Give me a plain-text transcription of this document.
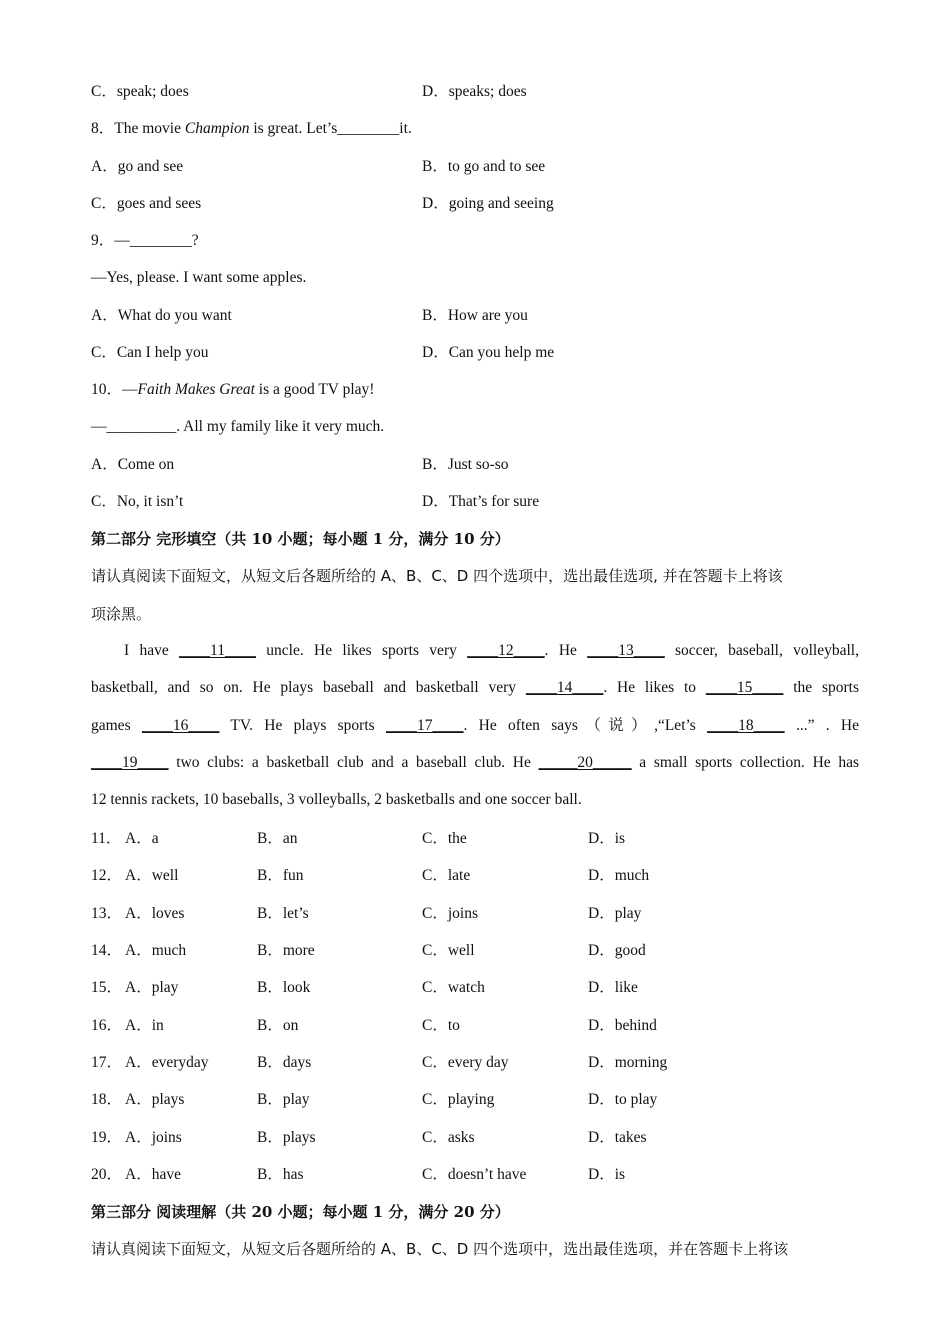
C．speak; does	D．speaks; does
8．The movie Champion is great. Let’s________it.
A．go and see	B．to go and to see
C．goes and sees	D．going and seeing
9．—________?
—Yes, please. I want some apples.
A．What do you want	B．How are you
C．Can I help you	D．Can you help me
10．—Faith Makes Great is a good TV play!
—_________. All my family like it very much.
A．Come on	B．Just so-so
C．No, it isn’t	D．That’s for sure
第二部分 完形填空（共 10 小题；每小题 1 分，满分 10 分）
请认真阅读下面短文，从短文后各题所给的 A、B、C、D 四个选项中，选出最佳选项, 并在答题卡上将该
项涂黑。
I have ____11____ uncle. He likes sports very ____12____. He ____13____ soccer, baseball, volleyball,
basketball, and so on. He plays baseball and basketball very ____14____. He likes to ____15____ the sports
games ____16____ TV. He plays sports ____17____. He often says（说）,“Let’s ____18____ ...” . He
____19____ two clubs: a basketball club and a baseball club. He _____20_____ a small sports collection. He has
12 tennis rackets, 10 baseballs, 3 volleyballs, 2 basketballs and one soccer ball.
11． A．a	B．an	C．the	D．is
12． A．well	B．fun	C．late	D．much
13． A．loves	B．let’s	C．joins	D．play
14． A．much	B．more	C．well	D．good
15． A．play	B．look	C．watch	D．like
16． A．in	B．on	C．to	D．behind
17． A．everyday	B．days	C．every day	D．morning
18． A．plays	B．play	C．playing	D．to play
19． A．joins	B．plays	C．asks	D．takes
20． A．have	B．has	C．doesn’t have	D．is
第三部分 阅读理解（共 20 小题；每小题 1 分，满分 20 分）
请认真阅读下面短文，从短文后各题所给的 A、B、C、D 四个选项中，选出最佳选项，并在答题卡上将该
